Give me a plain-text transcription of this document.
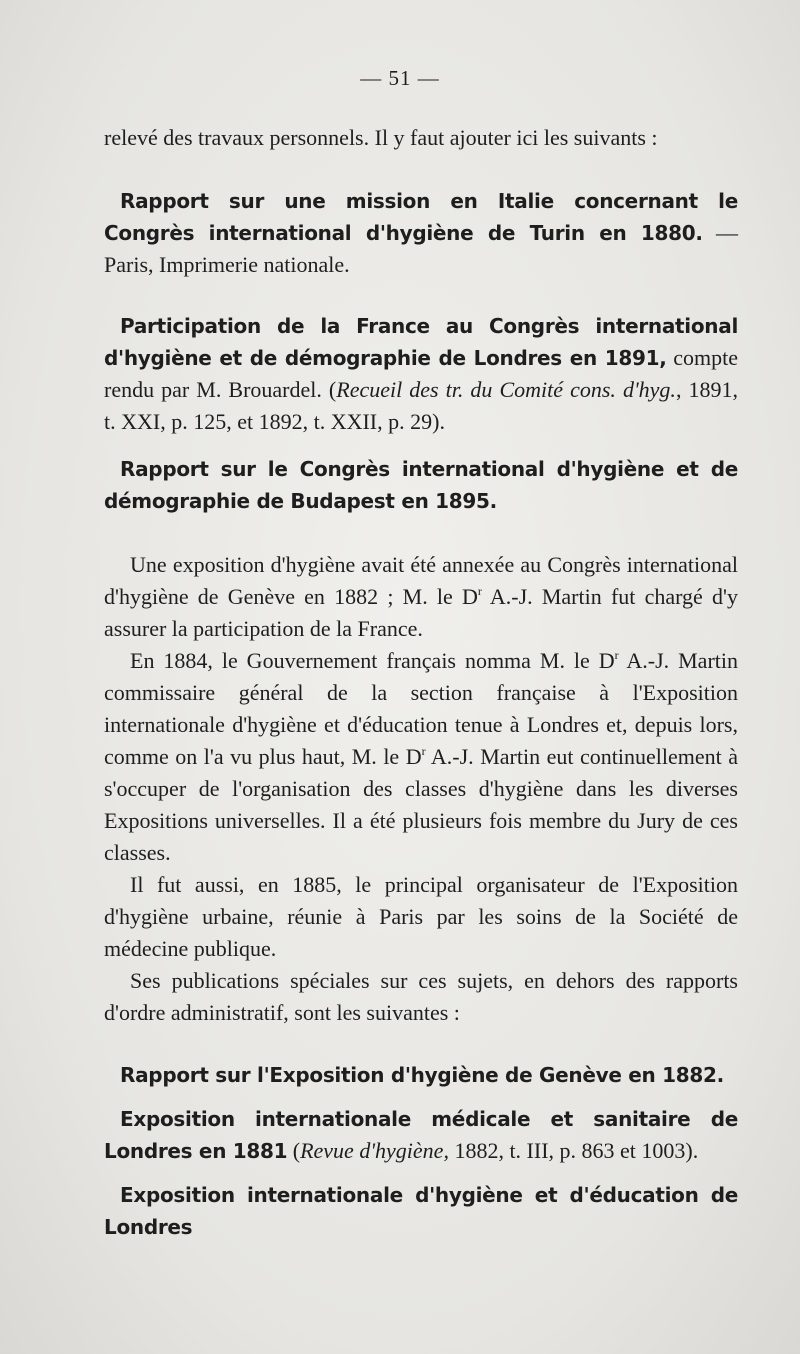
— 51 —

relevé des travaux personnels. Il y faut ajouter ici les suivants :

Rapport sur une mission en Italie concernant le Congrès international d'hygiène de Turin en 1880. — Paris, Imprimerie nationale.

Participation de la France au Congrès international d'hygiène et de démographie de Londres en 1891, compte rendu par M. Brouardel. (Recueil des tr. du Comité cons. d'hyg., 1891, t. XXI, p. 125, et 1892, t. XXII, p. 29).

Rapport sur le Congrès international d'hygiène et de démographie de Budapest en 1895.

Une exposition d'hygiène avait été annexée au Congrès international d'hygiène de Genève en 1882 ; M. le $D^r$ A.-J. Martin fut chargé d'y assurer la participation de la France.

En 1884, le Gouvernement français nomma M. le $D^r$ A.-J. Martin commissaire général de la section française à l'Exposition internationale d'hygiène et d'éducation tenue à Londres et, depuis lors, comme on l'a vu plus haut, M. le $D^r$ A.-J. Martin eut continuellement à s'occuper de l'organisation des classes d'hygiène dans les diverses Expositions universelles. Il a été plusieurs fois membre du Jury de ces classes.

Il fut aussi, en 1885, le principal organisateur de l'Exposition d'hygiène urbaine, réunie à Paris par les soins de la Société de médecine publique.

Ses publications spéciales sur ces sujets, en dehors des rapports d'ordre administratif, sont les suivantes :

Rapport sur l'Exposition d'hygiène de Genève en 1882.

Exposition internationale médicale et sanitaire de Londres en 1881 (Revue d'hygiène, 1882, t. III, p. 863 et 1003).

Exposition internationale d'hygiène et d'éducation de Londres
